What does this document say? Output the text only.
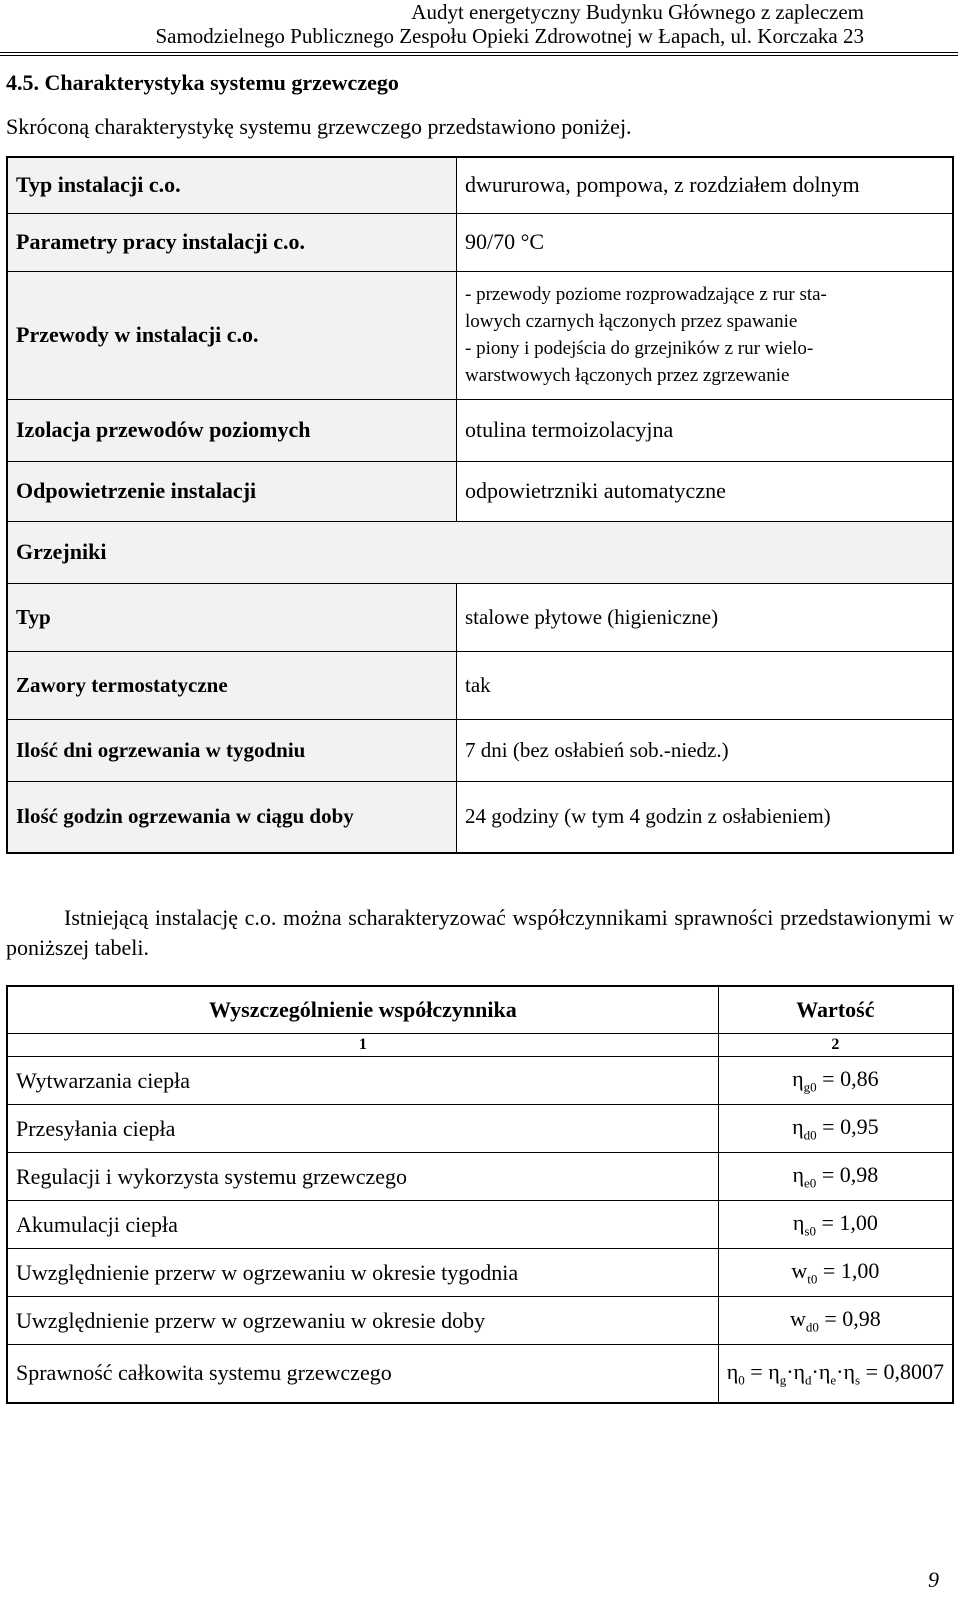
Audyt energetyczny Budynku Głównego z zapleczem
Samodzielnego Publicznego Zespołu Opieki Zdrowotnej w Łapach, ul. Korczaka 23
4.5. Charakterystyka systemu grzewczego
Skróconą charakterystykę systemu grzewczego przedstawiono poniżej.
Typ instalacji c.o.	dwururowa, pompowa, z rozdziałem dolnym
Parametry pracy instalacji c.o.	90/70 °C
Przewody w instalacji c.o.	- przewody poziome rozprowadzające z rur sta-
lowych czarnych łączonych przez spawanie
- piony i podejścia do grzejników z rur wielo-
warstwowych łączonych przez zgrzewanie

Izolacja przewodów poziomych	otulina termoizolacyjna
Odpowietrzenie instalacji	odpowietrzniki automatyczne
Grzejniki	
Typ	stalowe płytowe (higieniczne)
Zawory termostatyczne	tak
Ilość dni ogrzewania w tygodniu	7 dni (bez osłabień sob.-niedz.)
Ilość godzin ogrzewania w ciągu doby	24 godziny (w tym 4 godzin z osłabieniem)
Istniejącą instalację c.o. można scharakteryzować współczynnikami sprawności przedstawionymi w poniższej tabeli.
Wyszczególnienie współczynnika	Wartość
1	2
Wytwarzania ciepła	$\eta_{g0} = 0,86$
Przesyłania ciepła	$\eta_{d0} = 0,95$
Regulacji i wykorzysta systemu grzewczego	$\eta_{e0} = 0,98$
Akumulacji ciepła	$\eta_{s0} = 1,00$
Uwzględnienie przerw w ogrzewaniu w okresie tygodnia	$w_{t0} = 1,00$
Uwzględnienie przerw w ogrzewaniu w okresie doby	$w_{d0} = 0,98$
Sprawność całkowita systemu grzewczego	$\eta_0 = \eta_g\cdot\eta_d\cdot\eta_e\cdot\eta_s = 0,8007$
9
